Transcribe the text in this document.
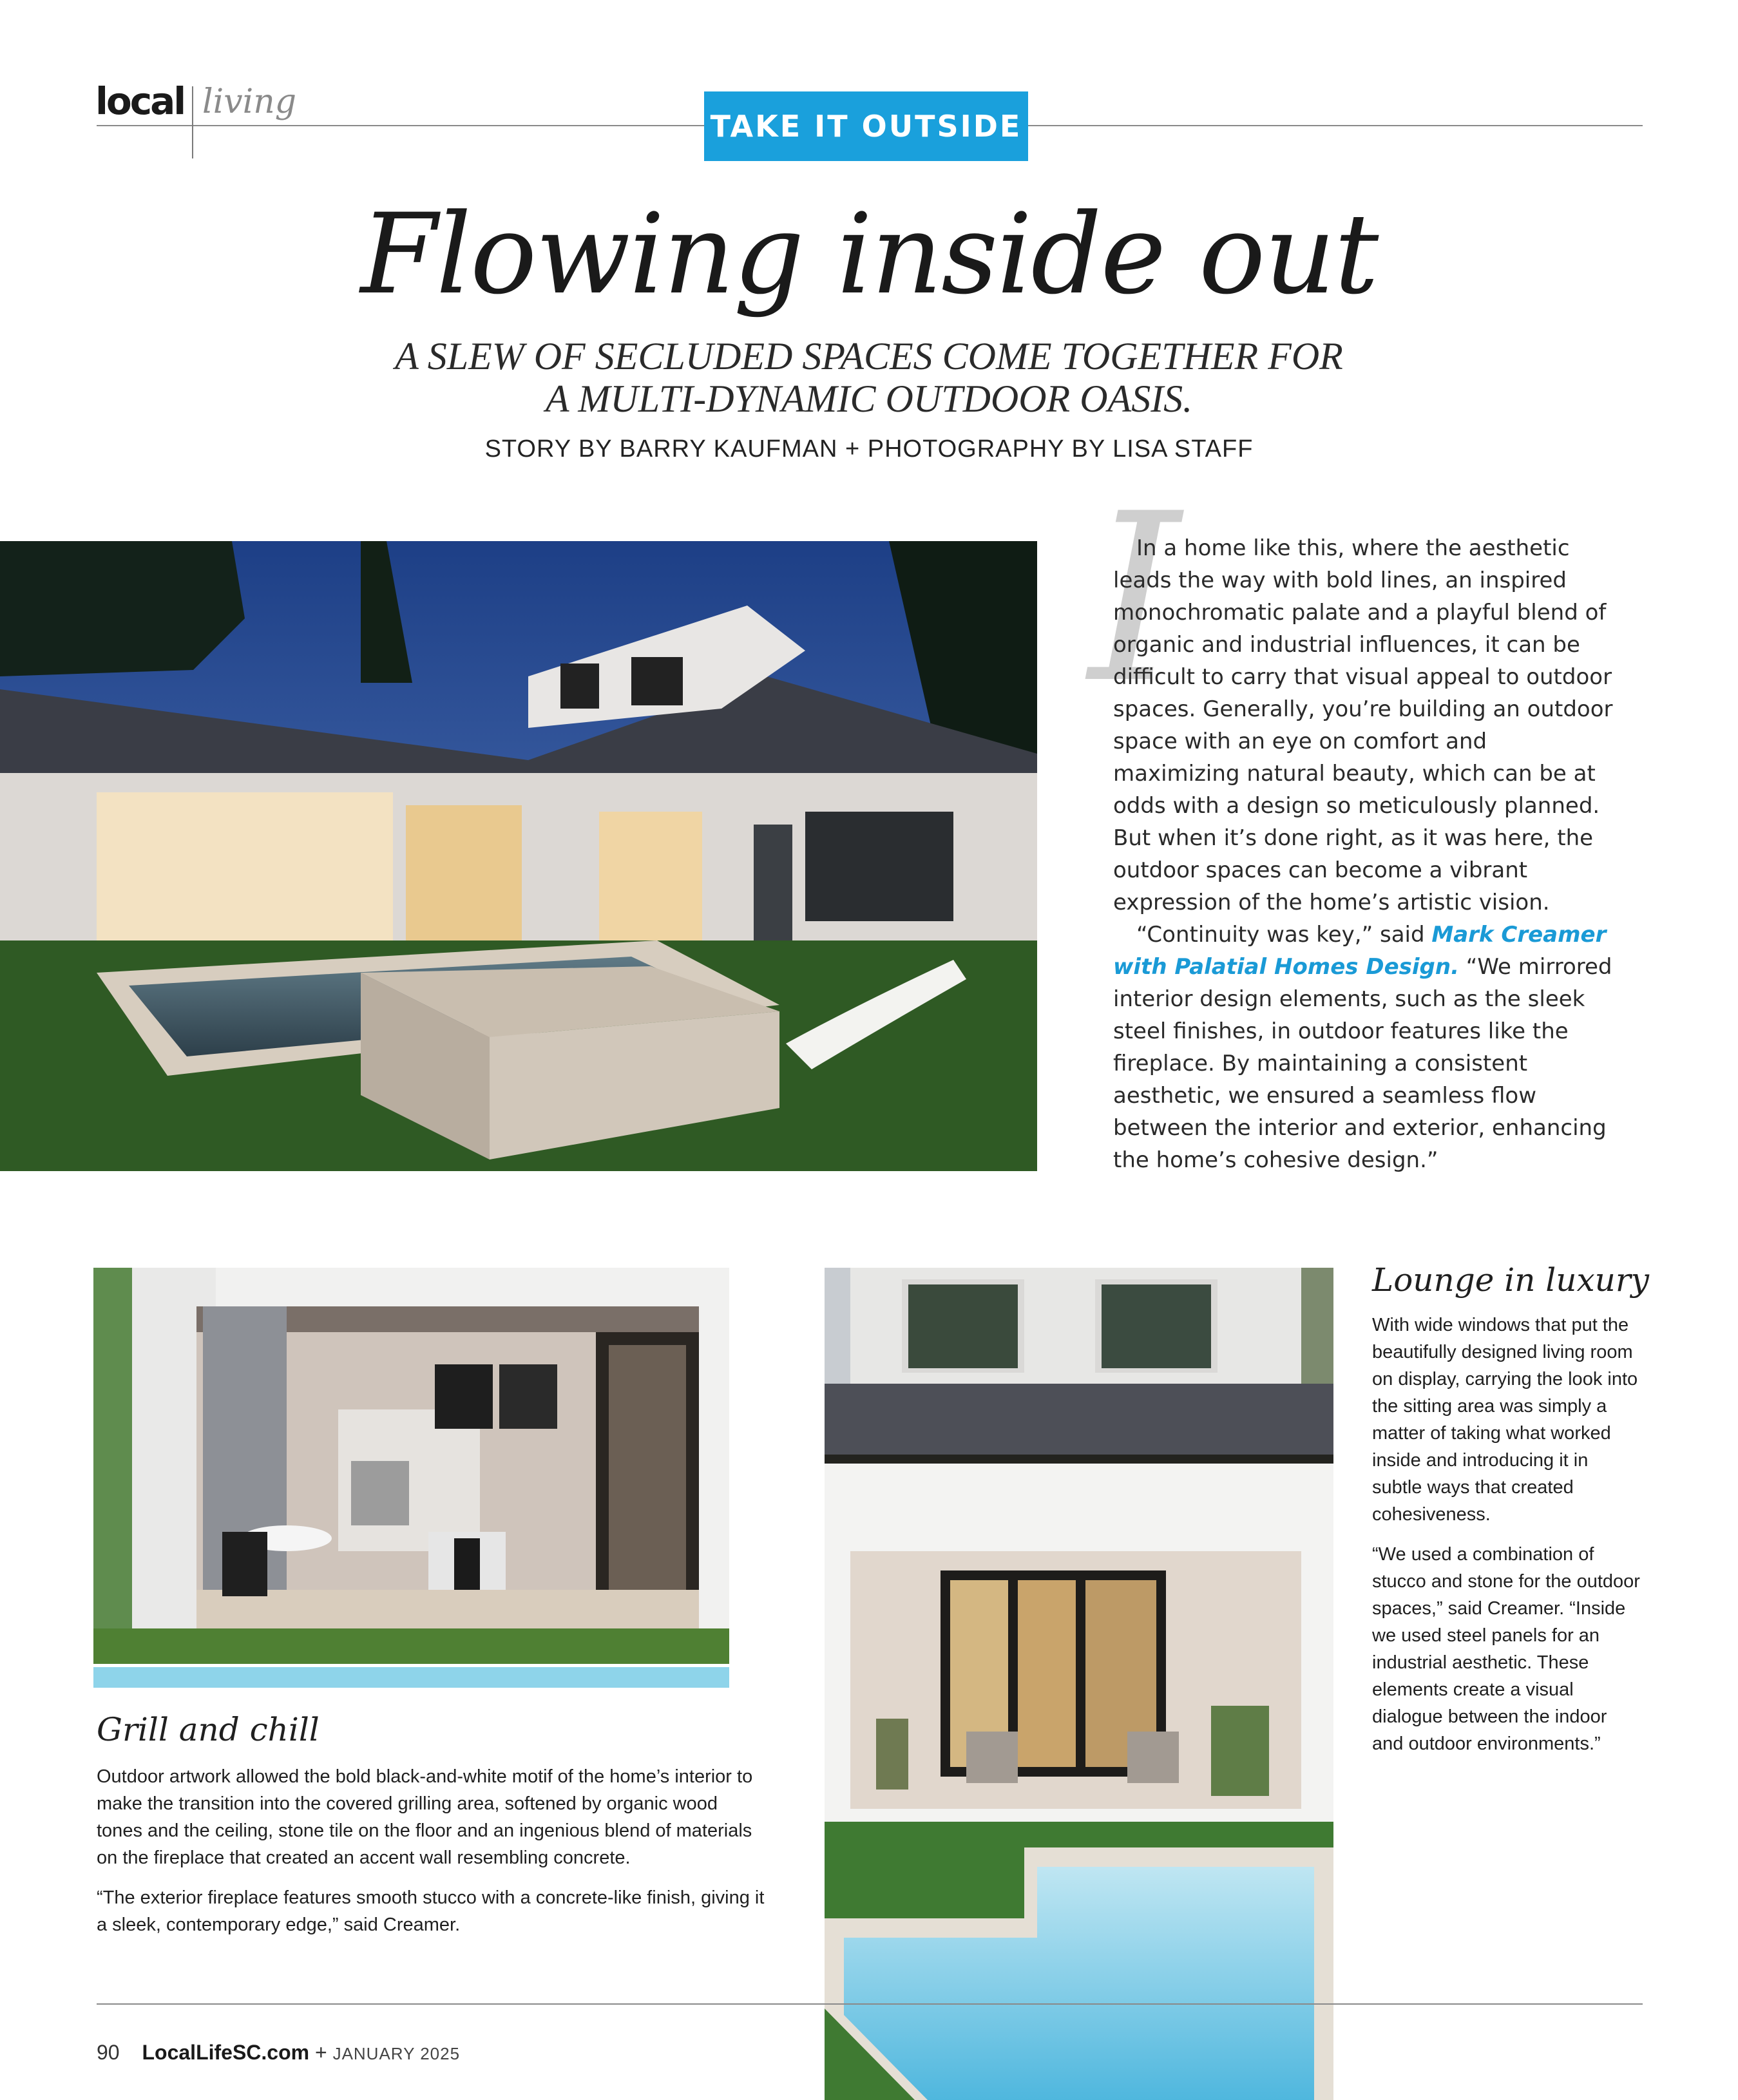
local living
TAKE IT OUTSIDE
Flowing inside out
A SLEW OF SECLUDED SPACES COME TOGETHER FOR
A MULTI-DYNAMIC OUTDOOR OASIS.
STORY BY BARRY KAUFMAN + PHOTOGRAPHY BY LISA STAFF
I

In a home like this, where the aesthetic leads the way with bold lines, an inspired monochromatic palate and a playful blend of organic and industrial influences, it can be difficult to carry that visual appeal to outdoor spaces. Generally, you’re building an outdoor space with an eye on comfort and maximizing natural beauty, which can be at odds with a design so meticulously planned. But when it’s done right, as it was here, the outdoor spaces can become a vibrant expression of the home’s artistic vision.

“Continuity was key,” said Mark Creamer with Palatial Homes Design. “We mirrored interior design elements, such as the sleek steel finishes, in outdoor features like the fireplace. By maintaining a consistent aesthetic, we ensured a seamless flow between the interior and exterior, enhancing the home’s cohesive design.”

Grill and chill

Outdoor artwork allowed the bold black-and-white motif of the home’s interior to make the transition into the covered grilling area, softened by organic wood tones and the ceiling, stone tile on the floor and an ingenious blend of materials on the fireplace that created an accent wall resembling concrete.

“The exterior fireplace features smooth stucco with a concrete-like finish, giving it a sleek, contemporary edge,” said Creamer.

Lounge in luxury

With wide windows that put the beautifully designed living room on display, carrying the look into the sitting area was simply a matter of taking what worked inside and introducing it in subtle ways that created cohesiveness.

“We used a combination of stucco and stone for the outdoor spaces,” said Creamer. “Inside we used steel panels for an industrial aesthetic. These elements create a visual dialogue between the indoor and outdoor environments.”

90 LocalLifeSC.com + JANUARY 2025
